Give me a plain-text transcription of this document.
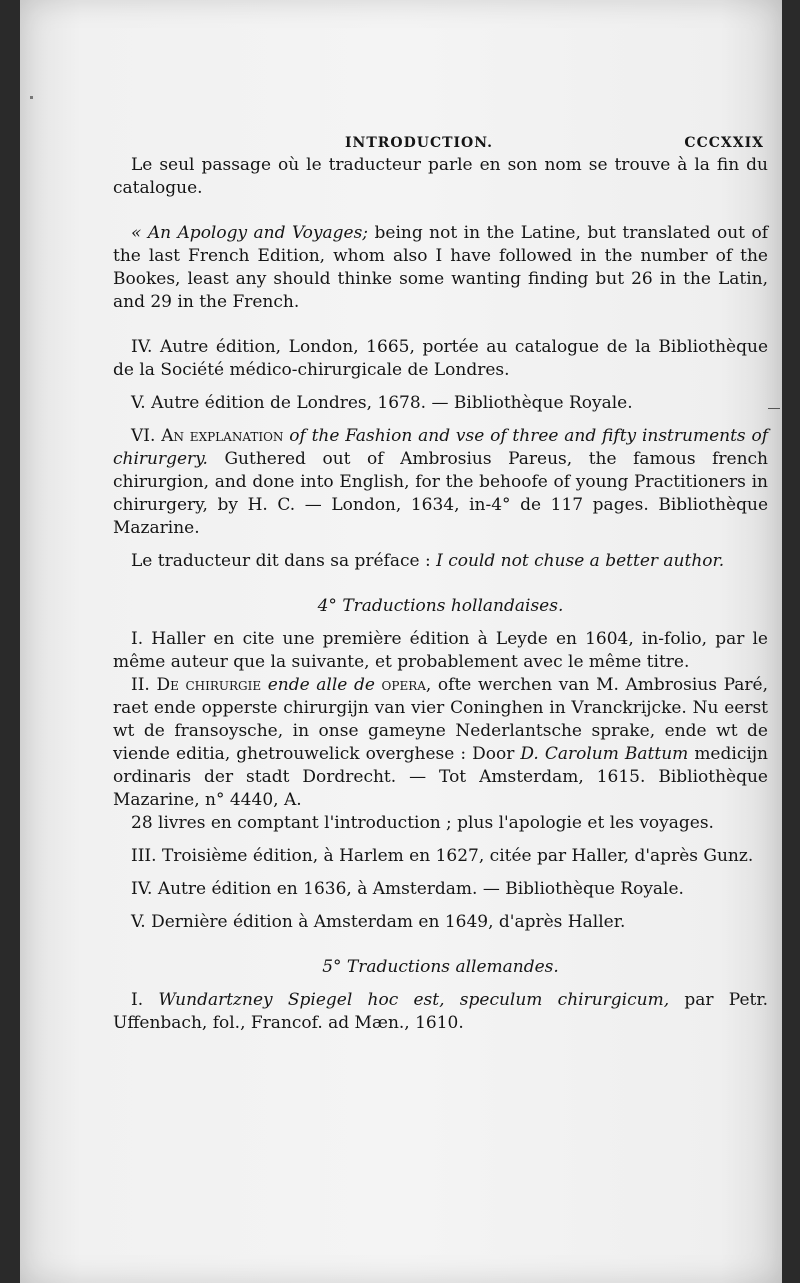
INTRODUCTION.	CCCXXIX

Le seul passage où le traducteur parle en son nom se trouve à la fin du catalogue.

« An Apology and Voyages; being not in the Latine, but translated out of the last French Edition, whom also I have followed in the number of the Bookes, least any should thinke some wanting finding but 26 in the Latin, and 29 in the French.

IV. Autre édition, London, 1665, portée au catalogue de la Bibliothèque de la Société médico-chirurgicale de Londres.

V. Autre édition de Londres, 1678. — Bibliothèque Royale.

VI. An explanation of the Fashion and vse of three and fifty instruments of chirurgery. Guthered out of Ambrosius Pareus, the famous french chirurgion, and done into English, for the behoofe of young Practitioners in chirurgery, by H. C. — London, 1634, in-4° de 117 pages. Bibliothèque Mazarine.

Le traducteur dit dans sa préface : I could not chuse a better author.

4° Traductions hollandaises.

I. Haller en cite une première édition à Leyde en 1604, in-folio, par le même auteur que la suivante, et probablement avec le même titre.

II. De chirurgie ende alle de opera, ofte werchen van M. Ambrosius Paré, raet ende opperste chirurgijn van vier Coninghen in Vranckrijcke. Nu eerst wt de fransoysche, in onse gameyne Nederlantsche sprake, ende wt de viende editia, ghetrouwelick overghese : Door D. Carolum Battum medicijn ordinaris der stadt Dordrecht. — Tot Amsterdam, 1615. Bibliothèque Mazarine, n° 4440, A.

28 livres en comptant l'introduction ; plus l'apologie et les voyages.

III. Troisième édition, à Harlem en 1627, citée par Haller, d'après Gunz.

IV. Autre édition en 1636, à Amsterdam. — Bibliothèque Royale.

V. Dernière édition à Amsterdam en 1649, d'après Haller.

5° Traductions allemandes.

I. Wundartzney Spiegel hoc est, speculum chirurgicum, par Petr. Uffenbach, fol., Francof. ad Mæn., 1610.
